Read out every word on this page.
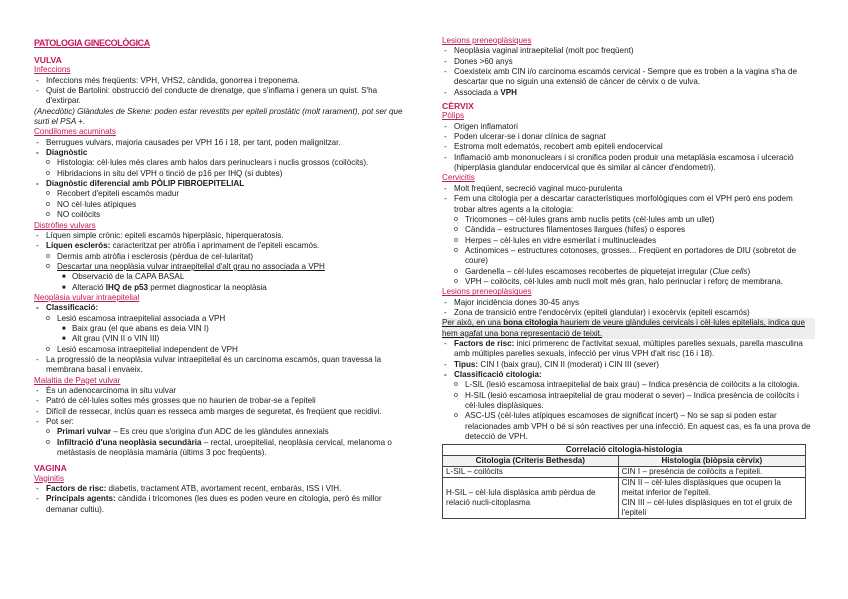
PATOLOGIA GINECOLÒGICA
VULVA
Infeccions
- Infeccions més freqüents: VPH, VHS2, càndida, gonorrea i treponema.
- Quist de Bartolini: obstrucció del conducte de drenatge, que s'inflama i genera un quist. S'ha d'extirpar.
(Anecdòtic) Glàndules de Skene: poden estar revestits per epiteli prostàtic (molt rarament), pot ser que surti el PSA +.
Condilomes acuminats
- Berrugues vulvars, majoria causades per VPH 16 i 18, per tant, poden malignitzar.
- Diagnòstic
o Histologia: cèl·lules més clares amb halos dars perinuclears i nuclis grossos (coilòcits).
o Hibridacions in situ del VPH o tinció de p16 per IHQ (si dubtes)
- Diagnòstic diferencial amb PÒLIP FIBROEPITELIAL
o Recobert d'epiteli escamós madur
o NO cèl·lules atípiques
o NO coilòcits
Distròfies vulvars
- Líquen simple crònic: epiteli escamós hiperplàsic, hiperqueratosis.
- Líquen esclerós: caracteritzat per atròfia i aprimament de l'epiteli escamós.
o Dermis amb atròfia i esclerosis (pèrdua de cel·lularitat)
o Descartar una neoplàsia vulvar intraepitelial d'alt grau no associada a VPH
■ Observació de la CAPA BASAL
■ Alteració IHQ de p53 permet diagnosticar la neoplàsia
Neoplàsia vulvar intraepitelial
- Classificació:
o Lesió escamosa intraepitelial associada a VPH
■ Baix grau (el que abans es deia VIN I)
■ Alt grau (VIN II o VIN III)
o Lesió escamosa intraepitelial independent de VPH
- La progressió de la neoplàsia vulvar intraepitelial és un carcinoma escamós, quan travessa la membrana basal i envaeix.
Malaltia de Paget vulvar
- És un adenocarcinoma in situ vulvar
- Patró de cèl·lules soltes més grosses que no haurien de trobar-se a l'epiteli
- Difícil de ressecar, inclús quan es resseca amb marges de seguretat, és freqüent que recidivi.
- Pot ser:
o Primari vulvar – Es creu que s'origina d'un ADC de les glàndules annexials
o Infiltració d'una neoplàsia secundària – rectal, uroepitelial, neoplàsia cervical, melanoma o metàstasis de neoplàsia mamària (últims 3 poc freqüents).
VAGINA
Vaginitis
- Factors de risc: diabetis, tractament ATB, avortament recent, embaràs, ISS i VIH.
- Principals agents: càndida i tricomones (les dues es poden veure en citologia, però és millor demanar cultiu).
Lesions preneoplàsiques
- Neoplàsia vaginal intraepitelial (molt poc freqüent)
- Dones >60 anys
- Coexisteix amb CIN i/o carcinoma escamós cervical - Sempre que es troben a la vagina s'ha de descartar que no siguin una extensió de càncer de cèrvix o de vulva.
- Associada a VPH
CÈRVIX
Pòlips
- Origen inflamatori
- Poden ulcerar-se i donar clínica de sagnat
- Estroma molt edematós, recobert amb epiteli endocervical
- Inflamació amb mononuclears i si cronifica poden produir una metaplàsia escamosa i ulceració (hiperplàsia glandular endocervical que és similar al càncer d'endometri).
Cervicitis
- Molt freqüent, secreció vaginal muco-purulenta
- Fem una citologia per a descartar característiques morfològiques com el VPH però ens podem trobar altres agents a la citologia:
o Tricomones – cèl·lules grans amb nuclis petits (cèl·lules amb un ullet)
o Càndida – estructures filamentoses llargues (hifes) o espores
o Herpes – cèl·lules en vidre esmerilat i multinucleades
o Actinomices – estructures cotonoses, grosses... Freqüent en portadores de DIU (sobretot de coure)
o Gardenella – cèl·lules escamoses recobertes de piquetejat irregular (Clue cells)
o VPH – coilòcits, cèl·lules amb nucli molt més gran, halo perinuclar i reforç de membrana.
Lesions preneoplàsiques
- Major incidència dones 30-45 anys
- Zona de transició entre l'endocèrvix (epiteli glandular) i exocèrvix (epiteli escamós)
Per això, en una bona citologia hauriem de veure glàndules cervicals i cèl·lules epitelials, indica que hem agafat una bona representació de teixit.
- Factors de risc: inici primerenc de l'activitat sexual, múltiples parelles sexuals, parella masculina amb múltiples parelles sexuals, infecció per virus VPH d'alt risc (16 i 18).
- Tipus: CIN I (baix grau), CIN II (moderat) i CIN III (sever)
- Classificació citologia:
o L-SIL (lesió escamosa intraepitelial de baix grau) – Indica presència de coilòcits a la citologia.
o H-SIL (lesió escamosa intraepitelial de grau moderat o sever) – Indica presència de coilòcits i cèl·lules displàsiques.
o ASC-US (cèl·lules atípiques escamoses de significat incert) – No se sap si poden estar relacionades amb VPH o bé si són reactives per una infecció. En aquest cas, es fa una prova de detecció de VPH.
Correlació citologia-histologia	
Citologia (Criteris Bethesda)	Histologia (biòpsia cèrvix)
L-SIL – coilòcits	CIN I – presència de coilòcits a l'epiteli.
H-SIL – cèl·lula displàsica amb pèrdua de relació nucli-citoplasma	CIN II – cèl·lules displàsiques que ocupen la meitat inferior de l'epiteli.
CIN III – cèl·lules displàsiques en tot el gruix de l'epiteli
